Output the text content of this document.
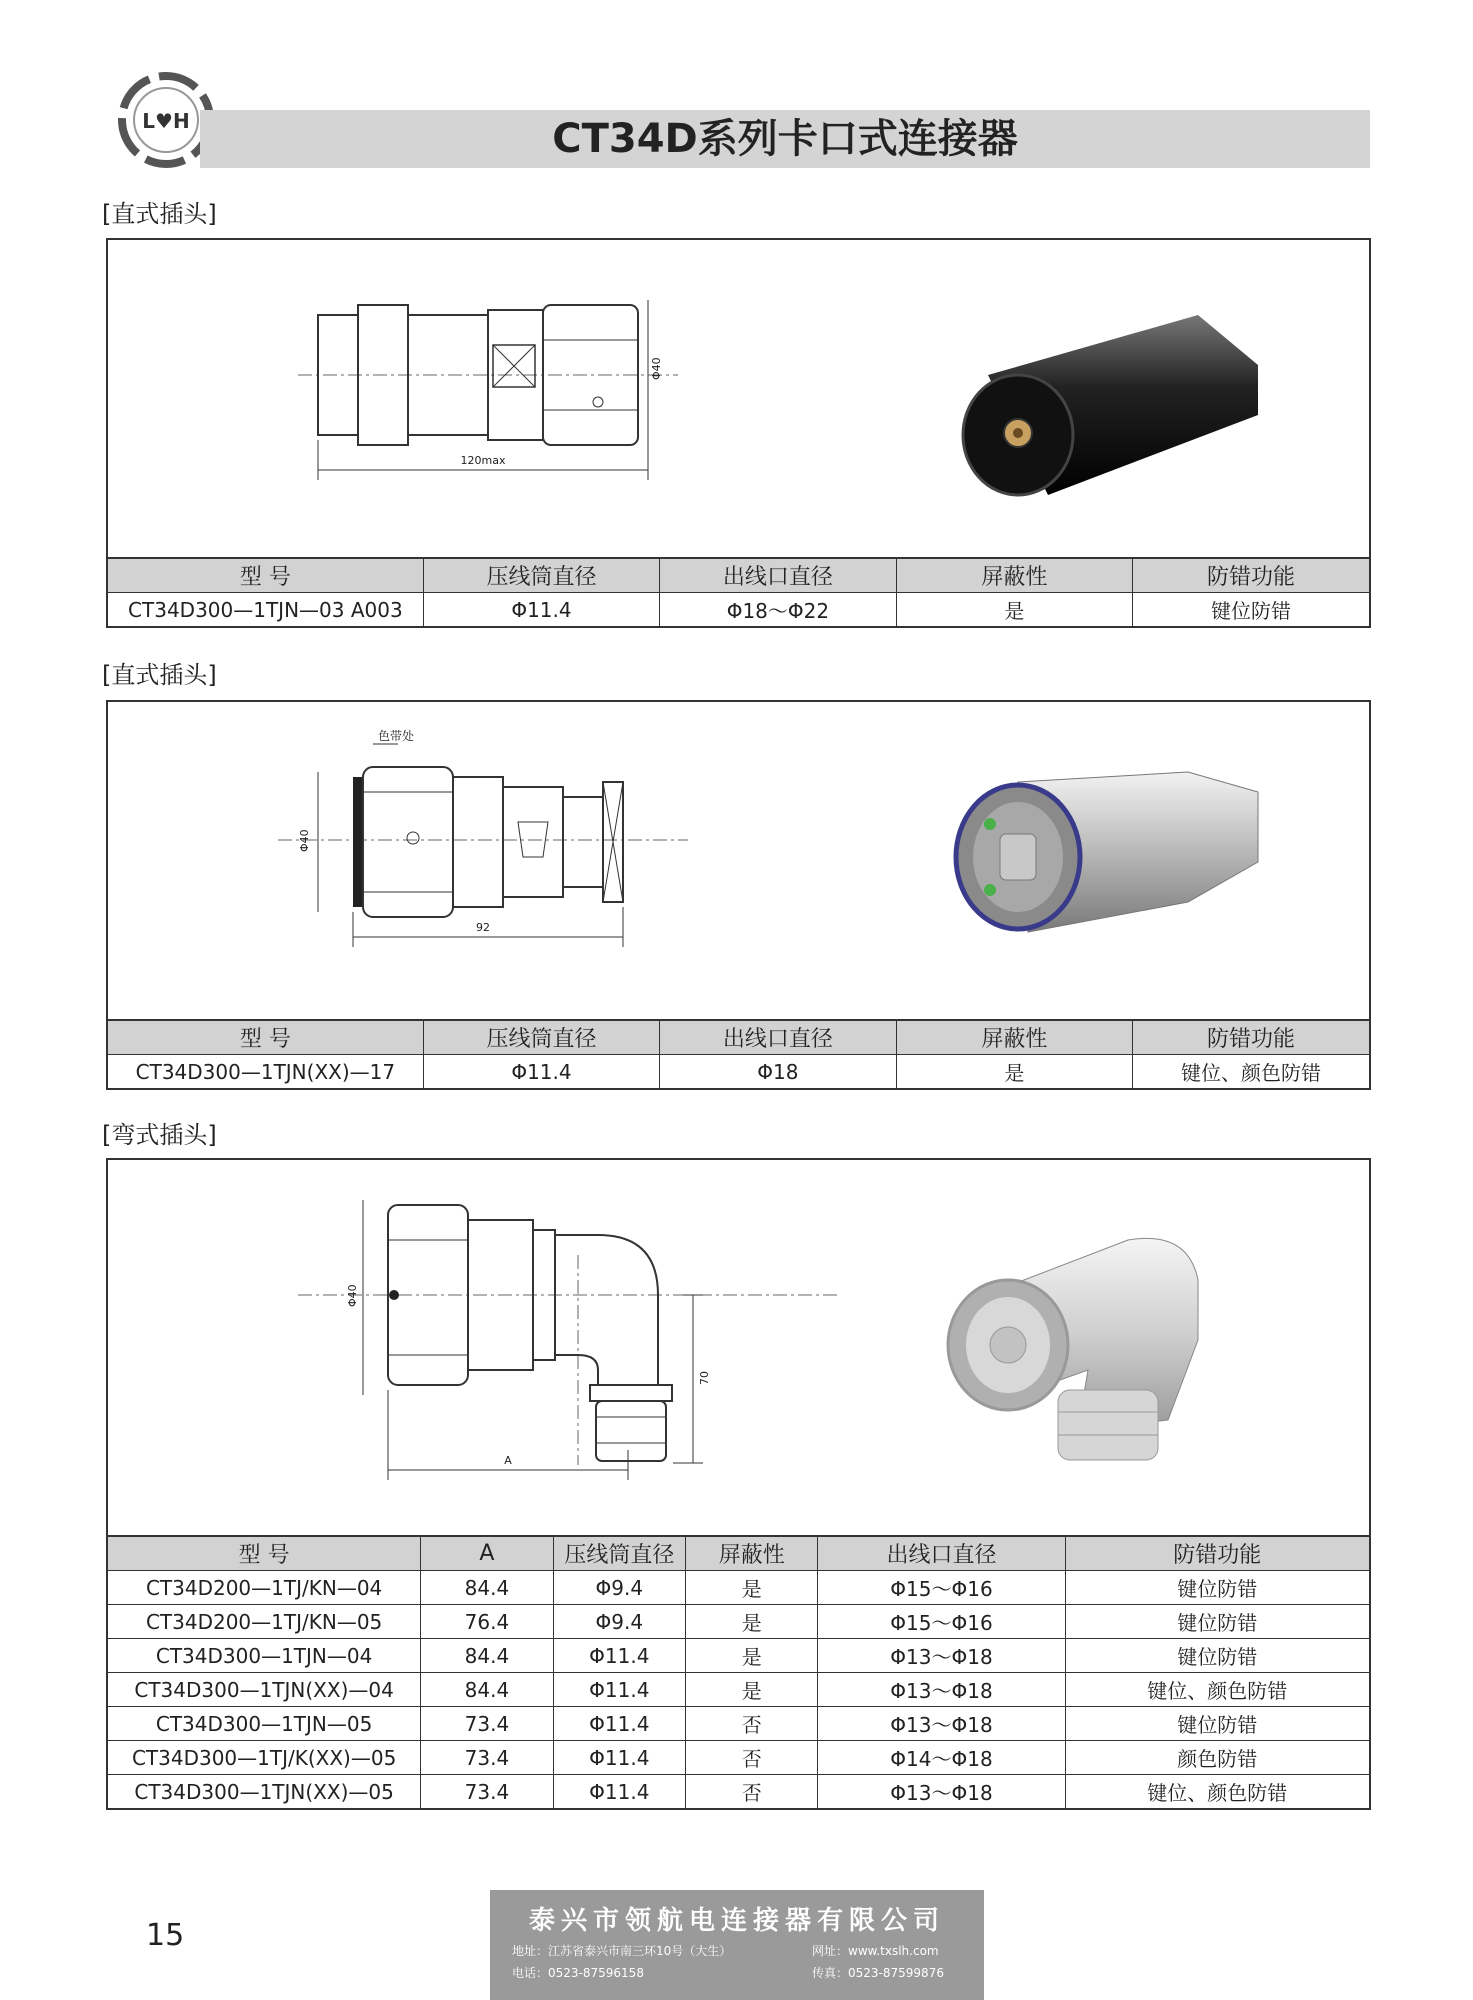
L♥H	CT34D系列卡口式连接器
[直式插头]
120max
Φ40
型 号	压线筒直径	出线口直径	屏蔽性	防错功能
CT34D300—1TJN—03 A003	Φ11.4	Φ18～Φ22	是	键位防错
[直式插头]
色带处
92
Φ40
型 号	压线筒直径	出线口直径	屏蔽性	防错功能
CT34D300—1TJN(XX)—17	Φ11.4	Φ18	是	键位、颜色防错
[弯式插头]
A
70
Φ40
型 号	A	压线筒直径	屏蔽性	出线口直径	防错功能
CT34D200—1TJ/KN—04	84.4	Φ9.4	是	Φ15～Φ16	键位防错
CT34D200—1TJ/KN—05	76.4	Φ9.4	是	Φ15～Φ16	键位防错
CT34D300—1TJN—04	84.4	Φ11.4	是	Φ13～Φ18	键位防错
CT34D300—1TJN(XX)—04	84.4	Φ11.4	是	Φ13～Φ18	键位、颜色防错
CT34D300—1TJN—05	73.4	Φ11.4	否	Φ13～Φ18	键位防错
CT34D300—1TJ/K(XX)—05	73.4	Φ11.4	否	Φ14～Φ18	颜色防错
CT34D300—1TJN(XX)—05	73.4	Φ11.4	否	Φ13～Φ18	键位、颜色防错
15	泰兴市领航电连接器有限公司
地址：江苏省泰兴市南三环10号（大生）	网址：www.txslh.com
电话：0523-87596158	传真：0523-87599876
